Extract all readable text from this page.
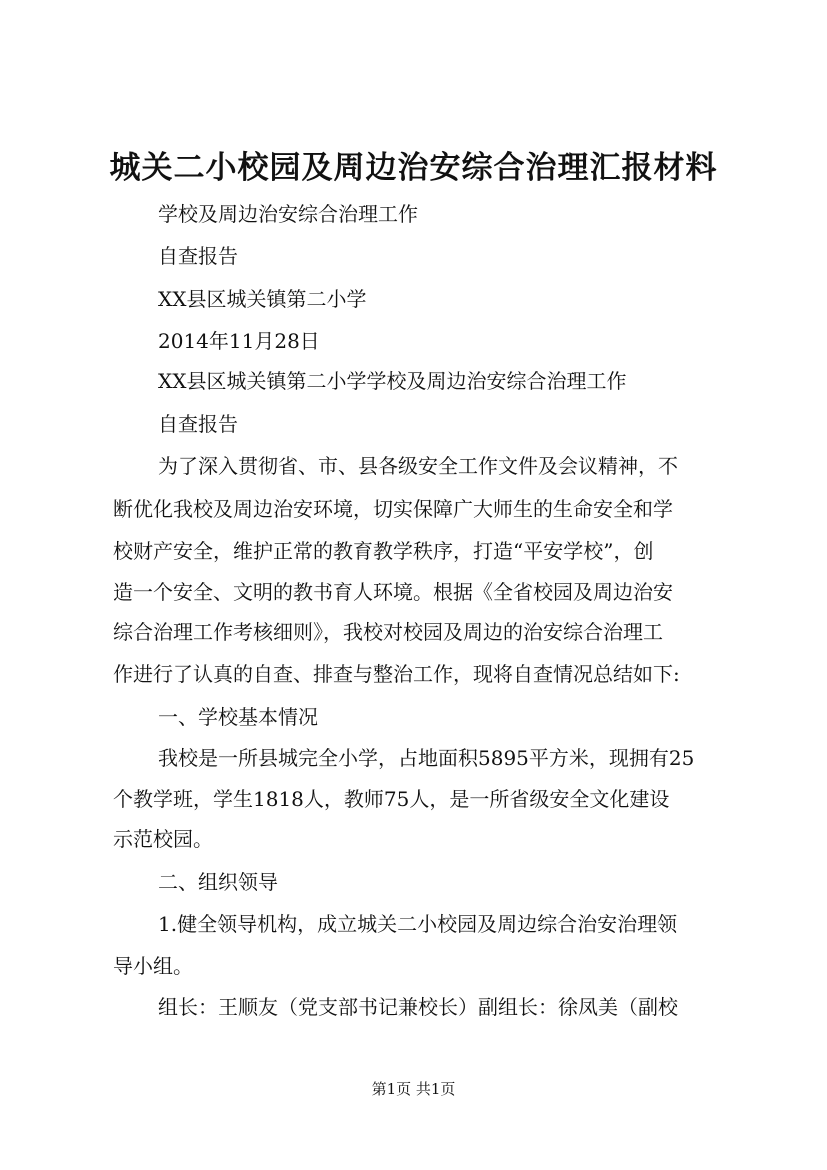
城关二小校园及周边治安综合治理汇报材料
学校及周边治安综合治理工作
自查报告
XX县区城关镇第二小学
2014年11月28日
XX县区城关镇第二小学学校及周边治安综合治理工作
自查报告
为了深入贯彻省、市、县各级安全工作文件及会议精神，不
断优化我校及周边治安环境，切实保障广大师生的生命安全和学
校财产安全，维护正常的教育教学秩序，打造“平安学校”，创
造一个安全、文明的教书育人环境。根据《全省校园及周边治安
综合治理工作考核细则》，我校对校园及周边的治安综合治理工
作进行了认真的自查、排查与整治工作，现将自查情况总结如下:
一、学校基本情况
我校是一所县城完全小学，占地面积5895平方米，现拥有25
个教学班，学生1818人，教师75人，是一所省级安全文化建设
示范校园。
二、组织领导
1.健全领导机构，成立城关二小校园及周边综合治安治理领
导小组。
组长：王顺友（党支部书记兼校长）副组长：徐凤美（副校
第1页 共1页
